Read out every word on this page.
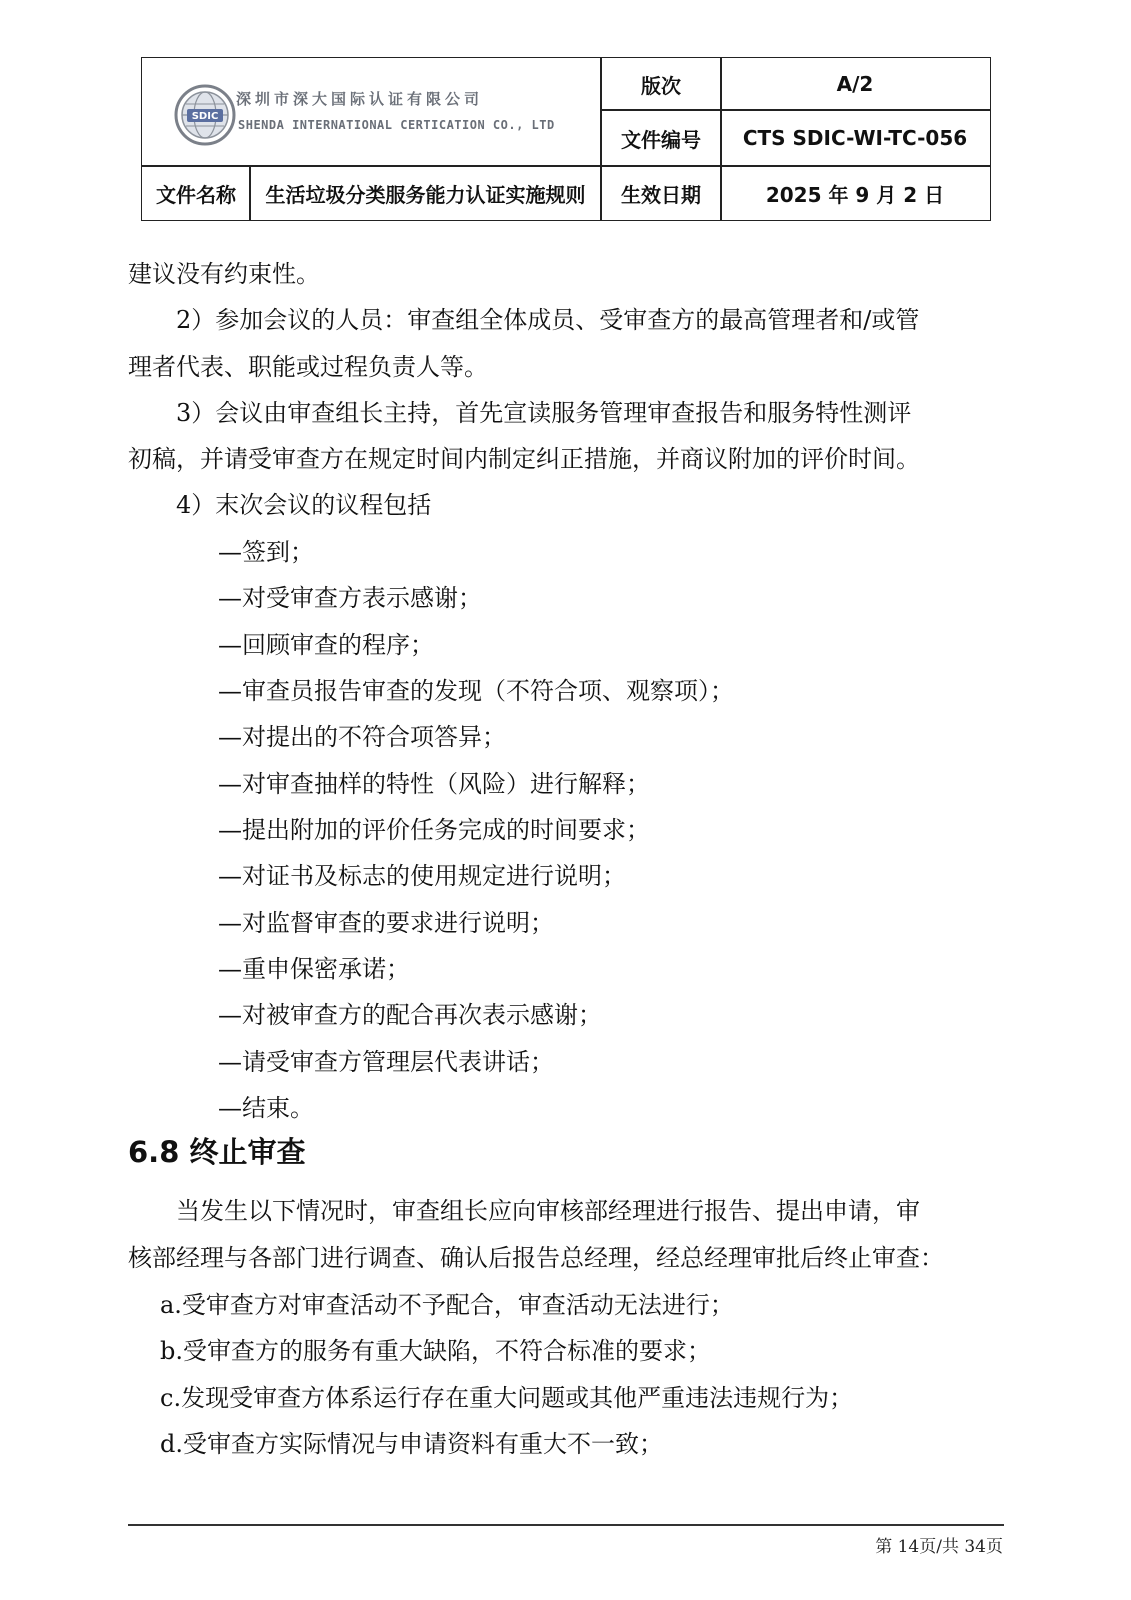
SDIC
深圳市深大国际认证有限公司
SHENDA INTERNATIONAL CERTICATION CO., LTD
版次	A/2
文件编号	CTS SDIC-WI-TC-056
文件名称	生活垃圾分类服务能力认证实施规则	生效日期	2025 年 9 月 2 日
建议没有约束性。
2）参加会议的人员：审查组全体成员、受审查方的最高管理者和/或管
理者代表、职能或过程负责人等。
3）会议由审查组长主持，首先宣读服务管理审查报告和服务特性测评
初稿，并请受审查方在规定时间内制定纠正措施，并商议附加的评价时间。
4）末次会议的议程包括
—签到；
—对受审查方表示感谢；
—回顾审查的程序；
—审查员报告审查的发现（不符合项、观察项）；
—对提出的不符合项答异；
—对审查抽样的特性（风险）进行解释；
—提出附加的评价任务完成的时间要求；
—对证书及标志的使用规定进行说明；
—对监督审查的要求进行说明；
—重申保密承诺；
—对被审查方的配合再次表示感谢；
—请受审查方管理层代表讲话；
—结束。
6.8 终止审查
当发生以下情况时，审查组长应向审核部经理进行报告、提出申请，审
核部经理与各部门进行调查、确认后报告总经理，经总经理审批后终止审查：
a.受审查方对审查活动不予配合，审查活动无法进行；
b.受审查方的服务有重大缺陷，不符合标准的要求；
c.发现受审查方体系运行存在重大问题或其他严重违法违规行为；
d.受审查方实际情况与申请资料有重大不一致；
第 14页/共 34页
